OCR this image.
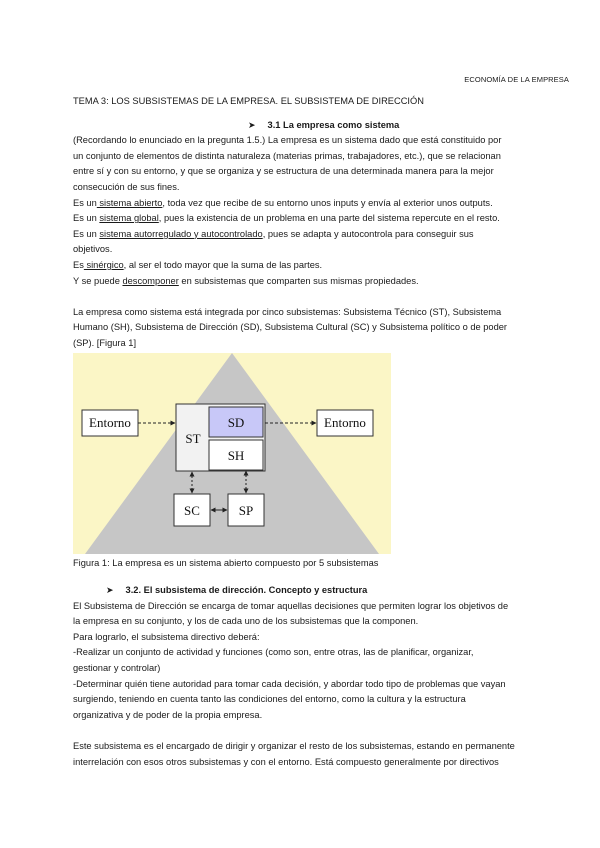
ECONOMÍA DE LA EMPRESA

TEMA 3: LOS SUBSISTEMAS DE LA EMPRESA. EL SUBSISTEMA DE DIRECCIÓN

➤ 3.1 La empresa como sistema

(Recordando lo enunciado en la pregunta 1.5.) La empresa es un sistema dado que está constituido por

un conjunto de elementos de distinta naturaleza (materias primas, trabajadores, etc.), que se relacionan

entre sí y con su entorno, y que se organiza y se estructura de una determinada manera para la mejor

consecución de sus fines.

Es un sistema abierto, toda vez que recibe de su entorno unos inputs y envía al exterior unos outputs.

Es un sistema global, pues la existencia de un problema en una parte del sistema repercute en el resto.

Es un sistema autorregulado y autocontrolado, pues se adapta y autocontrola para conseguir sus

objetivos.

Es sinérgico, al ser el todo mayor que la suma de las partes.

Y se puede descomponer en subsistemas que comparten sus mismas propiedades.

La empresa como sistema está integrada por cinco subsistemas: Subsistema Técnico (ST), Subsistema

Humano (SH), Subsistema de Dirección (SD), Subsistema Cultural (SC) y Subsistema político o de poder

(SP). [Figura 1]

Entorno
ST
SD
SH
Entorno
SC	SP

Figura 1: La empresa es un sistema abierto compuesto por 5 subsistemas

➤ 3.2. El subsistema de dirección. Concepto y estructura

El Subsistema de Dirección se encarga de tomar aquellas decisiones que permiten lograr los objetivos de

la empresa en su conjunto, y los de cada uno de los subsistemas que la componen.

Para lograrlo, el subsistema directivo deberá:

-Realizar un conjunto de actividad y funciones (como son, entre otras, las de planificar, organizar,

gestionar y controlar)

-Determinar quién tiene autoridad para tomar cada decisión, y abordar todo tipo de problemas que vayan

surgiendo, teniendo en cuenta tanto las condiciones del entorno, como la cultura y la estructura

organizativa y de poder de la propia empresa.

Este subsistema es el encargado de dirigir y organizar el resto de los subsistemas, estando en permanente

interrelación con esos otros subsistemas y con el entorno. Está compuesto generalmente por directivos
